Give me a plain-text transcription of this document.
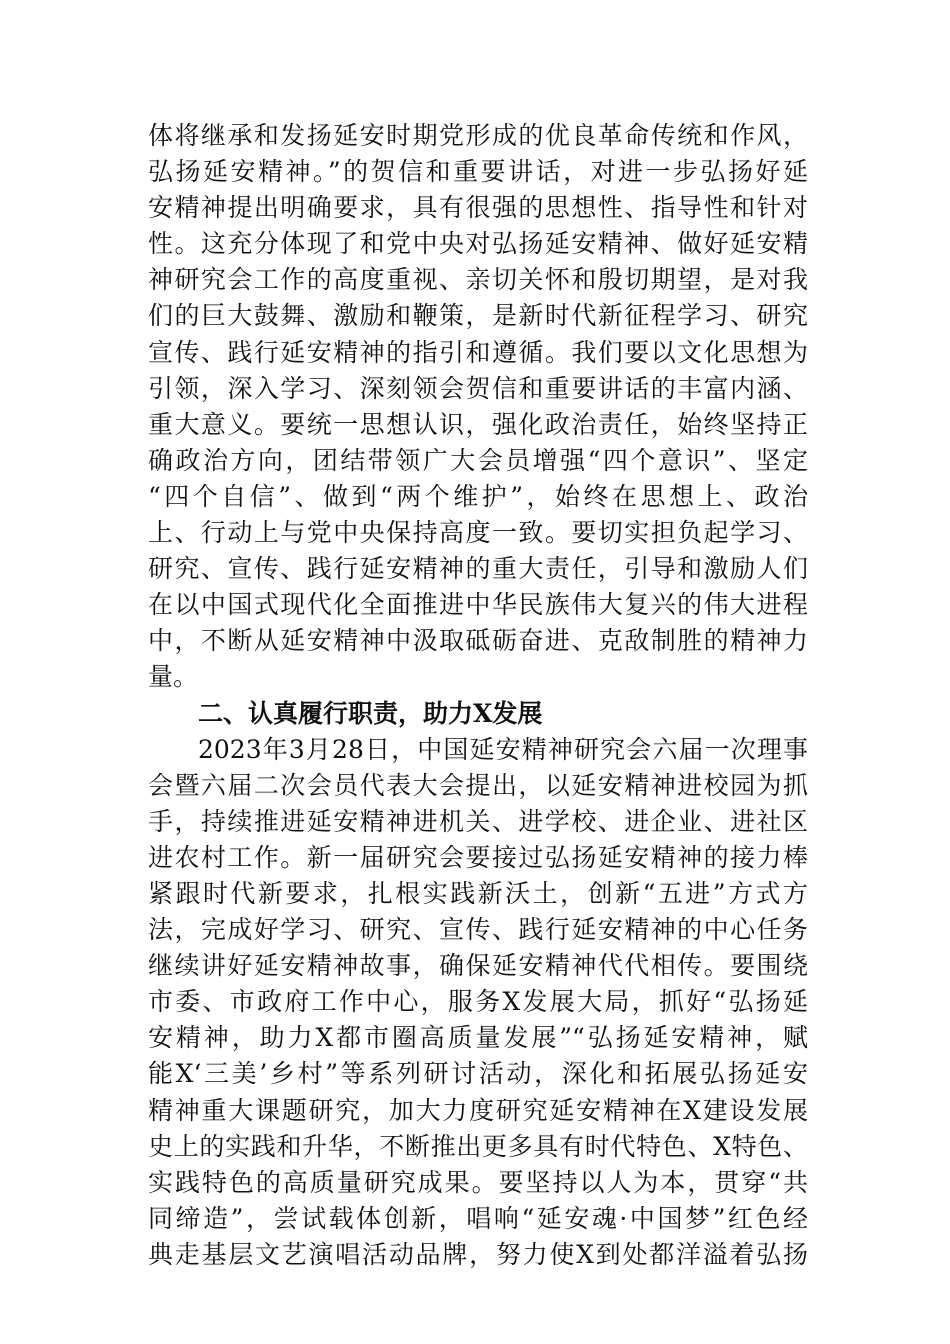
体将继承和发扬延安时期党形成的优良革命传统和作风，
弘扬延安精神。”的贺信和重要讲话，对进一步弘扬好延
安精神提出明确要求，具有很强的思想性、指导性和针对
性。这充分体现了和党中央对弘扬延安精神、做好延安精
神研究会工作的高度重视、亲切关怀和殷切期望，是对我
们的巨大鼓舞、激励和鞭策，是新时代新征程学习、研究
宣传、践行延安精神的指引和遵循。我们要以文化思想为
引领，深入学习、深刻领会贺信和重要讲话的丰富内涵、
重大意义。要统一思想认识，强化政治责任，始终坚持正
确政治方向，团结带领广大会员增强“四个意识”、坚定
“四个自信”、做到“两个维护”，始终在思想上、政治
上、行动上与党中央保持高度一致。要切实担负起学习、
研究、宣传、践行延安精神的重大责任，引导和激励人们
在以中国式现代化全面推进中华民族伟大复兴的伟大进程
中，不断从延安精神中汲取砥砺奋进、克敌制胜的精神力
量。
二、认真履行职责，助力X发展
2023年3月28日，中国延安精神研究会六届一次理事
会暨六届二次会员代表大会提出，以延安精神进校园为抓
手，持续推进延安精神进机关、进学校、进企业、进社区
进农村工作。新一届研究会要接过弘扬延安精神的接力棒
紧跟时代新要求，扎根实践新沃土，创新“五进”方式方
法，完成好学习、研究、宣传、践行延安精神的中心任务
继续讲好延安精神故事，确保延安精神代代相传。要围绕
市委、市政府工作中心，服务X发展大局，抓好“弘扬延
安精神，助力X都市圈高质量发展”“弘扬延安精神，赋
能X‘三美’乡村”等系列研讨活动，深化和拓展弘扬延安
精神重大课题研究，加大力度研究延安精神在X建设发展
史上的实践和升华，不断推出更多具有时代特色、X特色、
实践特色的高质量研究成果。要坚持以人为本，贯穿“共
同缔造”，尝试载体创新，唱响“延安魂·中国梦”红色经
典走基层文艺演唱活动品牌，努力使X到处都洋溢着弘扬
